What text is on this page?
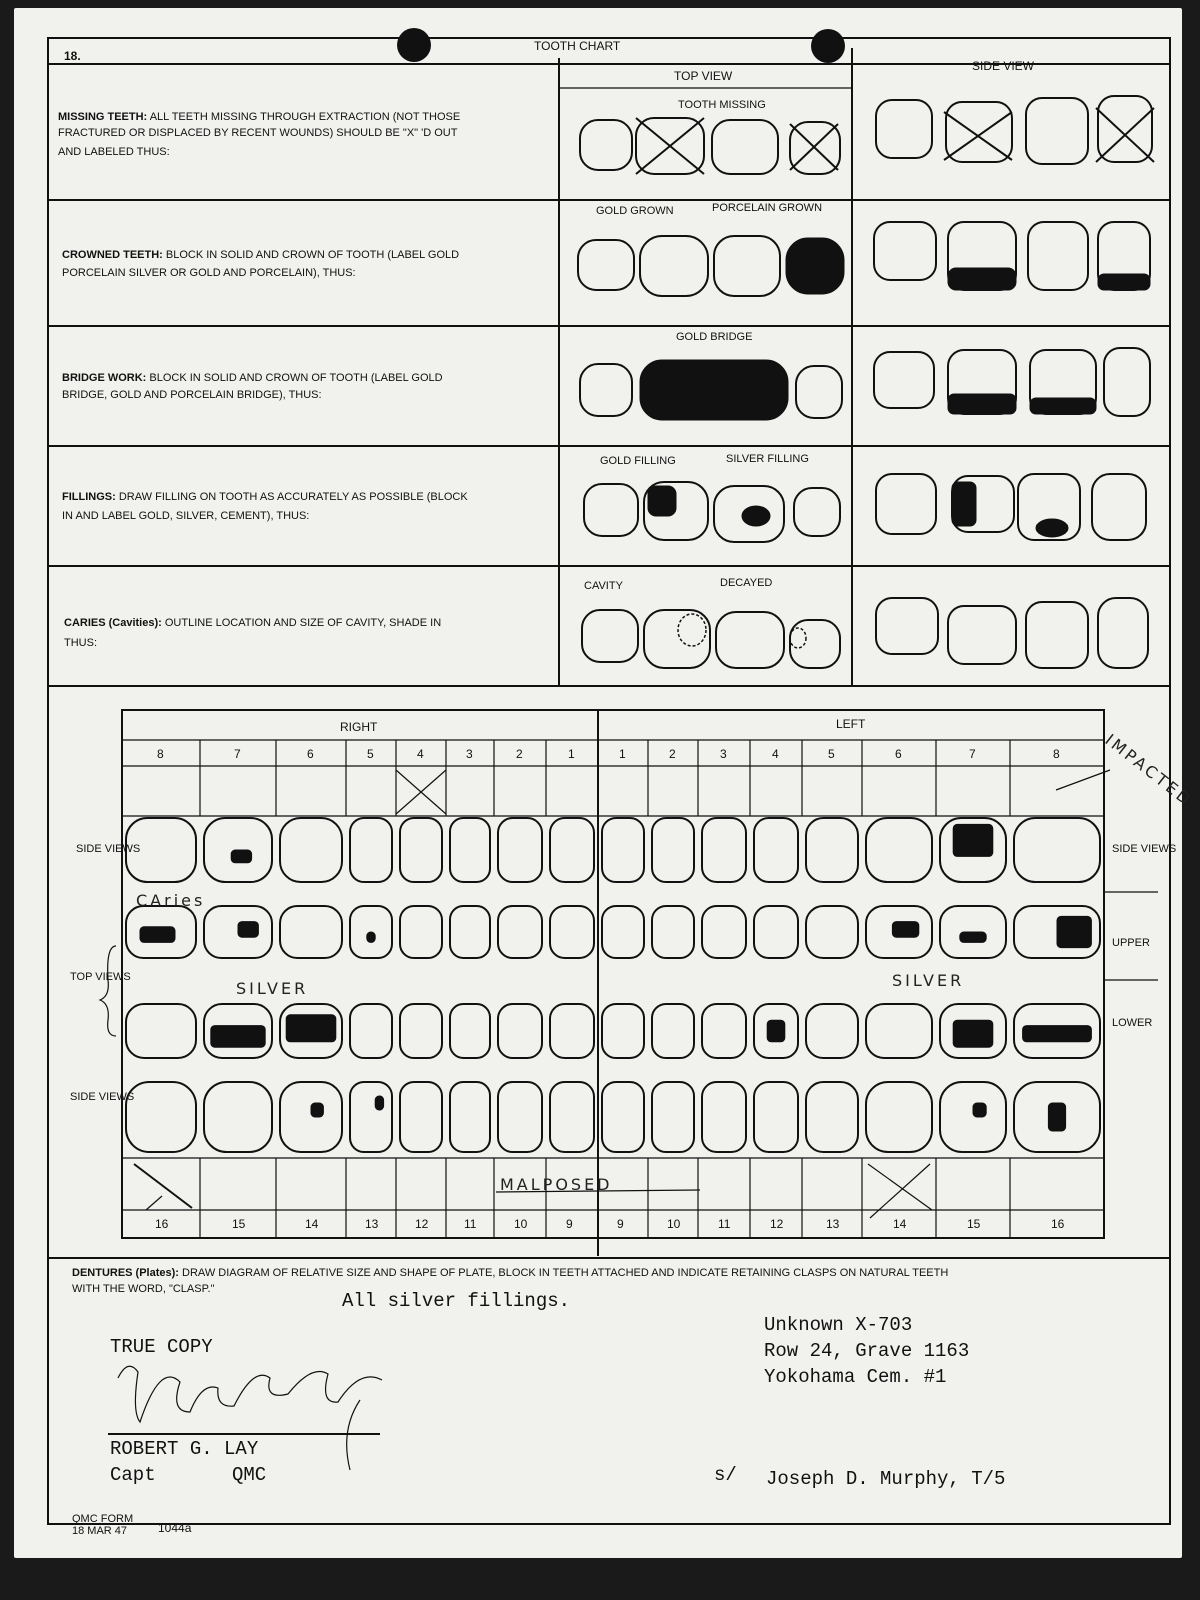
18.
TOOTH CHART
TOP VIEW
SIDE VIEW
MISSING TEETH: ALL TEETH MISSING THROUGH EXTRACTION (NOT THOSE
FRACTURED OR DISPLACED BY RECENT WOUNDS) SHOULD BE "X" 'D OUT
AND LABELED THUS:
TOOTH MISSING
CROWNED TEETH: BLOCK IN SOLID AND CROWN OF TOOTH (LABEL GOLD
PORCELAIN SILVER OR GOLD AND PORCELAIN), THUS:
GOLD GROWN	PORCELAIN GROWN
BRIDGE WORK: BLOCK IN SOLID AND CROWN OF TOOTH (LABEL GOLD
BRIDGE, GOLD AND PORCELAIN BRIDGE), THUS:
GOLD BRIDGE
FILLINGS: DRAW FILLING ON TOOTH AS ACCURATELY AS POSSIBLE (BLOCK
IN AND LABEL GOLD, SILVER, CEMENT), THUS:
GOLD FILLING	SILVER FILLING
CARIES (Cavities): OUTLINE LOCATION AND SIZE OF CAVITY, SHADE IN
THUS:
CAVITY	DECAYED
8	7	6	5	4	3	2	1	1	2	3	4	5	6	7	8
16	15	14	13	12	11	10	9	9	10	11	12	13	14	15	16
RIGHT	LEFT
SIDE VIEWS
TOP VIEWS
SIDE VIEWS
SIDE VIEWS
UPPER
LOWER
IMPACTED
CAries
SILVER	SILVER
MALPOSED
DENTURES (Plates): DRAW DIAGRAM OF RELATIVE SIZE AND SHAPE OF PLATE, BLOCK IN TEETH ATTACHED AND INDICATE RETAINING CLASPS ON NATURAL TEETH
WITH THE WORD, "CLASP."
All silver fillings.
Unknown X-703
Row 24, Grave 1163
Yokohama Cem. #1
TRUE COPY
ROBERT G. LAY
Capt	QMC	s/ Joseph D. Murphy, T/5
QMC FORM
18 MAR 47	1044a
